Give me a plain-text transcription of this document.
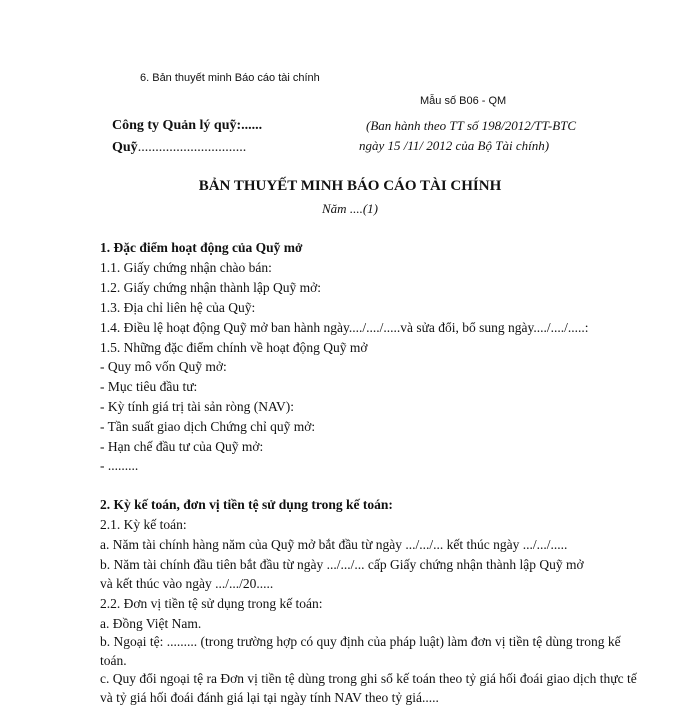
6. Bản thuyết minh Báo cáo tài chính
Mẫu số B06 - QM
Công ty Quản lý quỹ:......
Quỹ...............................
(Ban hành theo TT số 198/2012/TT-BTC
ngày 15 /11/ 2012 của Bộ Tài chính)
BẢN THUYẾT MINH BÁO CÁO TÀI CHÍNH
Năm ....(1)
1. Đặc điểm hoạt động của Quỹ mở
1.1. Giấy chứng nhận chào bán:
1.2. Giấy chứng nhận thành lập Quỹ mở:
1.3. Địa chỉ liên hệ của Quỹ:
1.4. Điều lệ hoạt động Quỹ mở ban hành ngày..../..../.....và sửa đổi, bổ sung ngày..../..../.....:
1.5. Những đặc điểm chính về hoạt động Quỹ mở
- Quy mô vốn Quỹ mở:
- Mục tiêu đầu tư:
- Kỳ tính giá trị tài sản ròng (NAV):
- Tần suất giao dịch Chứng chỉ quỹ mở:
- Hạn chế đầu tư của Quỹ mở:
- .........
2. Kỳ kế toán, đơn vị tiền tệ sử dụng trong kế toán:
2.1. Kỳ kế toán:
a. Năm tài chính hàng năm của Quỹ mở bắt đầu từ ngày .../.../... kết thúc ngày .../.../.....
b. Năm tài chính đầu tiên bắt đầu từ ngày .../.../... cấp Giấy chứng nhận thành lập Quỹ mở
và kết thúc vào ngày .../.../20.....
2.2. Đơn vị tiền tệ sử dụng trong kế toán:
a. Đồng Việt Nam.
b. Ngoại tệ: ......... (trong trường hợp có quy định của pháp luật) làm đơn vị tiền tệ dùng trong kế toán.
c. Quy đổi ngoại tệ ra Đơn vị tiền tệ dùng trong ghi sổ kế toán theo tỷ giá hối đoái giao dịch thực tế và tỷ giá hối đoái đánh giá lại tại ngày tính NAV theo tỷ giá.....
